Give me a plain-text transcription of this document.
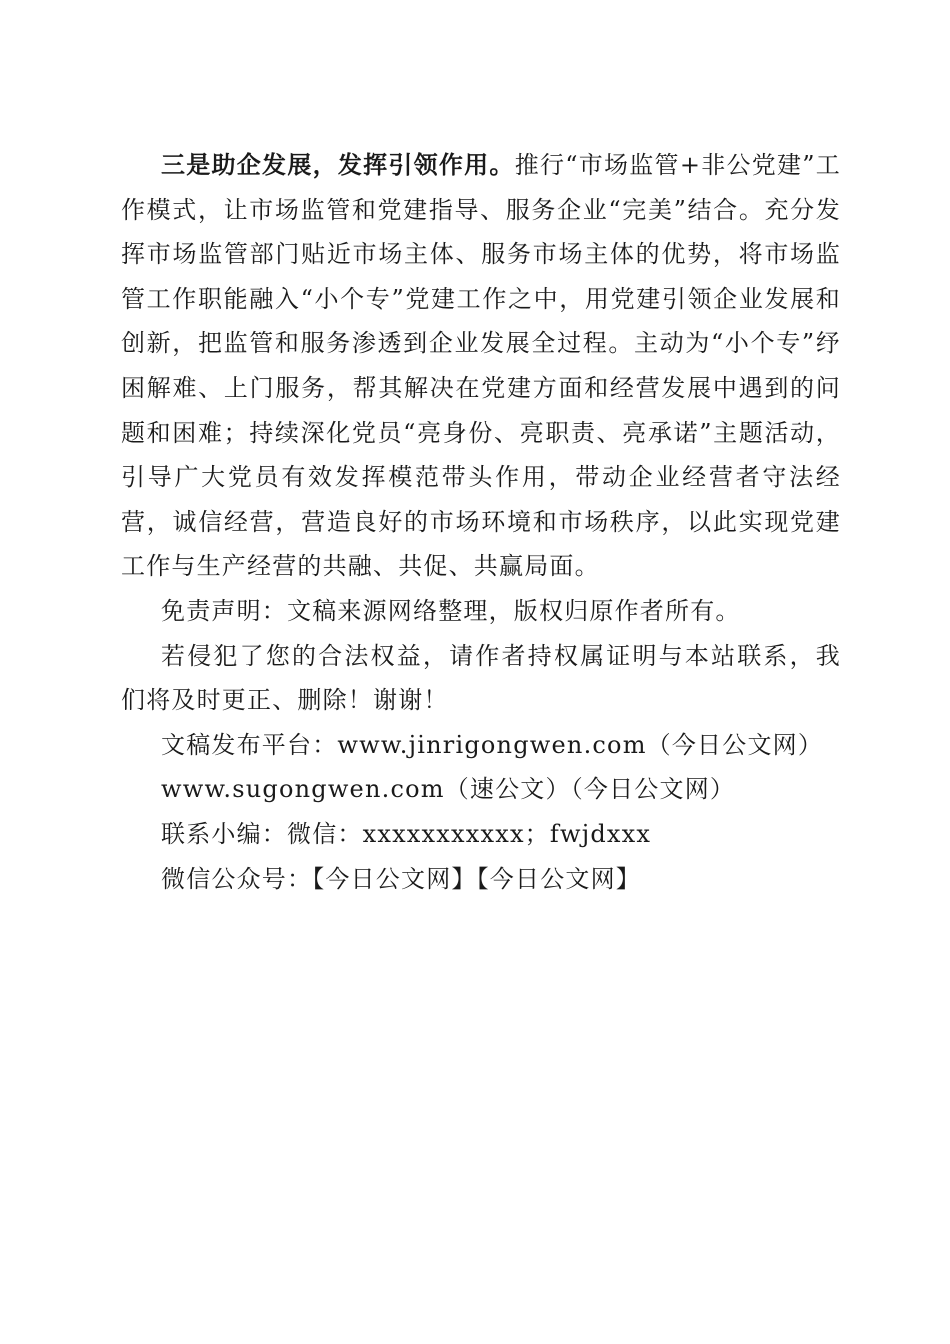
三是助企发展，发挥引领作用。推行“市场监管+非公党建”工作模式，让市场监管和党建指导、服务企业“完美”结合。充分发挥市场监管部门贴近市场主体、服务市场主体的优势，将市场监管工作职能融入“小个专”党建工作之中，用党建引领企业发展和创新，把监管和服务渗透到企业发展全过程。主动为“小个专”纾困解难、上门服务，帮其解决在党建方面和经营发展中遇到的问题和困难；持续深化党员“亮身份、亮职责、亮承诺”主题活动，引导广大党员有效发挥模范带头作用，带动企业经营者守法经营，诚信经营，营造良好的市场环境和市场秩序，以此实现党建工作与生产经营的共融、共促、共赢局面。

免责声明：文稿来源网络整理，版权归原作者所有。

若侵犯了您的合法权益，请作者持权属证明与本站联系，我们将及时更正、删除！谢谢！

文稿发布平台：www.jinrigongwen.com（今日公文网）

www.sugongwen.com（速公文）（今日公文网）

联系小编：微信：xxxxxxxxxxx；fwjdxxx

微信公众号：【今日公文网】【今日公文网】
